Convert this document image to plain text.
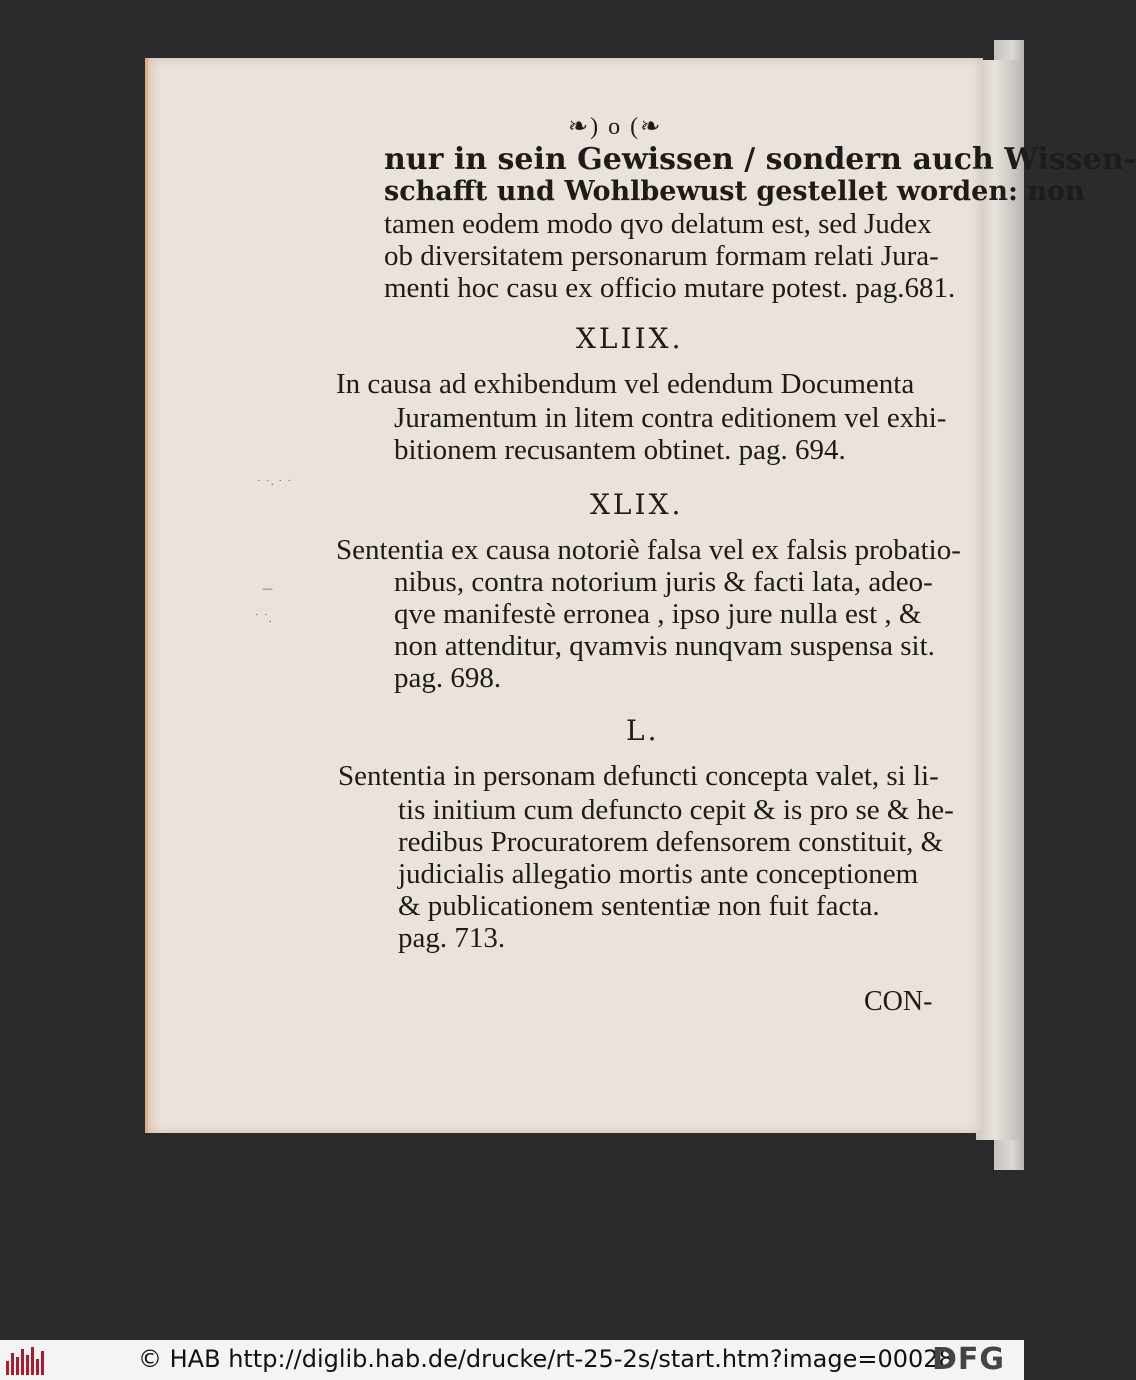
❧) o (❧
nur in sein Gewissen / sondern auch Wissen-
schafft und Wohlbewust gestellet worden: non
tamen eodem modo qvo delatum est, sed Judex
ob diversitatem personarum formam relati Jura-
menti hoc casu ex officio mutare potest. pag.681.
XLIIX.
In causa ad exhibendum vel edendum Documenta
Juramentum in litem contra editionem vel exhi-
bitionem recusantem obtinet. pag. 694.
XLIX.
Sententia ex causa notoriè falsa vel ex falsis probatio-
nibus, contra notorium juris & facti lata, adeo-
qve manifestè erronea , ipso jure nulla est , &
non attenditur, qvamvis nunqvam suspensa sit.
pag. 698.
L.
Sententia in personam defuncti concepta valet, si li-
tis initium cum defuncto cepit & is pro se & he-
redibus Procuratorem defensorem constituit, &
judicialis allegatio mortis ante conceptionem
& publicationem sententiæ non fuit facta.
pag. 713.
CON-
˙ ˙· ˙ ˙
—
˙ ˙.
© HAB http://diglib.hab.de/drucke/rt-25-2s/start.htm?image=00028
DFG
